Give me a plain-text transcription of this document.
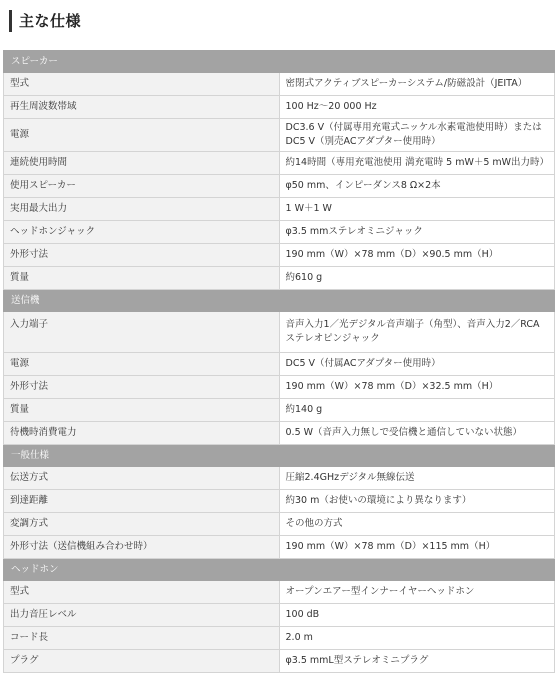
主な仕様
スピーカー	
型式	密閉式アクティブスピーカーシステム/防磁設計（JEITA）
再生周波数帯域	100 Hz～20 000 Hz
電源	DC3.6 V（付属専用充電式ニッケル水素電池使用時）または
DC5 V（別売ACアダプター使用時）
連続使用時間	約14時間（専用充電池使用 満充電時 5 mW＋5 mW出力時）
使用スピーカー	φ50 mm、インピーダンス8 Ω×2本
実用最大出力	1 W＋1 W
ヘッドホンジャック	φ3.5 mmステレオミニジャック
外形寸法	190 mm（W）×78 mm（D）×90.5 mm（H）
質量	約610 g
送信機	
入力端子	音声入力1／光デジタル音声端子（角型）、音声入力2／RCAステレオピンジャック
電源	DC5 V（付属ACアダプター使用時）
外形寸法	190 mm（W）×78 mm（D）×32.5 mm（H）
質量	約140 g
待機時消費電力	0.5 W（音声入力無しで受信機と通信していない状態）
一般仕様	
伝送方式	圧縮2.4GHzデジタル無線伝送
到達距離	約30 m（お使いの環境により異なります）
変調方式	その他の方式
外形寸法（送信機組み合わせ時）	190 mm（W）×78 mm（D）×115 mm（H）
ヘッドホン	
型式	オープンエアー型インナーイヤーヘッドホン
出力音圧レベル	100 dB
コード長	2.0 m
プラグ	φ3.5 mmL型ステレオミニプラグ
